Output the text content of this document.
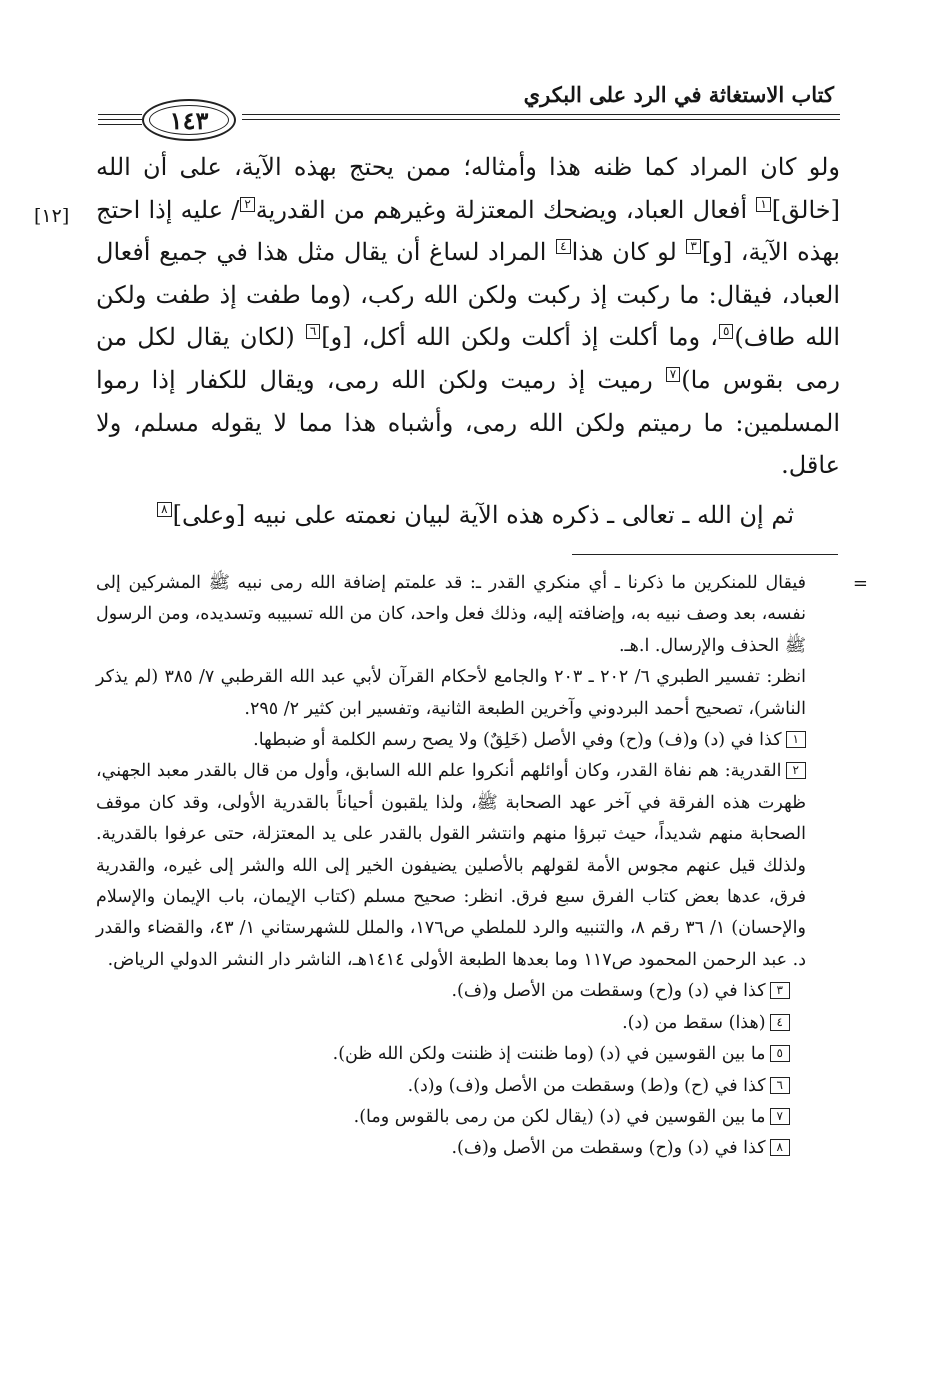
كتاب الاستغاثة في الرد على البكري
١٤٣
[١٢]

ولو كان المراد كما ظنه هذا وأمثاله؛ ممن يحتج بهذه الآية، على أن الله [خالق]١ أفعال العباد، ويضحك المعتزلة وغيرهم من القدرية٢/ عليه إذا احتج بهذه الآية، [و]٣ لو كان هذا٤ المراد لساغ أن يقال مثل هذا في جميع أفعال العباد، فيقال: ما ركبت إذ ركبت ولكن الله ركب، (وما طفت إذ طفت ولكن الله طاف)٥، وما أكلت إذ أكلت ولكن الله أكل، [و]٦ (لكان يقال لكل من رمى بقوس ما)٧ رميت إذ رميت ولكن الله رمى، ويقال للكفار إذا رموا المسلمين: ما رميتم ولكن الله رمى، وأشباه هذا مما لا يقوله مسلم، ولا عاقل.

ثم إن الله ـ تعالى ـ ذكره هذه الآية لبيان نعمته على نبيه [وعلى]٨

=
فيقال للمنكرين ما ذكرنا ـ أي منكري القدر ـ: قد علمتم إضافة الله رمى نبيه ﷺ المشركين إلى نفسه، بعد وصف نبيه به، وإضافته إليه، وذلك فعل واحد، كان من الله تسبيبه وتسديده، ومن الرسول ﷺ الحذف والإرسال. ا.هـ.

انظر: تفسير الطبري ٦/ ٢٠٢ ـ ٢٠٣ والجامع لأحكام القرآن لأبي عبد الله القرطبي ٧/ ٣٨٥ (لم يذكر الناشر)، تصحيح أحمد البردوني وآخرين الطبعة الثانية، وتفسير ابن كثير ٢/ ٢٩٥.

١كذا في (د) و(ف) و(ح) وفي الأصل (خَلِقٌ) ولا يصح رسم الكلمة أو ضبطها.

٢القدرية: هم نفاة القدر، وكان أوائلهم أنكروا علم الله السابق، وأول من قال بالقدر معبد الجهني، ظهرت هذه الفرقة في آخر عهد الصحابة ﷺ، ولذا يلقبون أحياناً بالقدرية الأولى، وقد كان موقف الصحابة منهم شديداً، حيث تبرؤا منهم وانتشر القول بالقدر على يد المعتزلة، حتى عرفوا بالقدرية. ولذلك قيل عنهم مجوس الأمة لقولهم بالأصلين يضيفون الخير إلى الله والشر إلى غيره، والقدرية فرق، عدها بعض كتاب الفرق سبع فرق. انظر: صحيح مسلم (كتاب الإيمان، باب الإيمان والإسلام والإحسان) ١/ ٣٦ رقم ٨، والتنبيه والرد للملطي ص١٧٦، والملل للشهرستاني ١/ ٤٣، والقضاء والقدر د. عبد الرحمن المحمود ص١١٧ وما بعدها الطبعة الأولى ١٤١٤هـ، الناشر دار النشر الدولي الرياض.

٣كذا في (د) و(ح) وسقطت من الأصل و(ف).

٤(هذا) سقط من (د).

٥ما بين القوسين في (د) (وما ظننت إذ ظننت ولكن الله ظن).

٦كذا في (ح) و(ط) وسقطت من الأصل و(ف) و(د).

٧ما بين القوسين في (د) (يقال لكن من رمى بالقوس وما).

٨كذا في (د) و(ح) وسقطت من الأصل و(ف).
